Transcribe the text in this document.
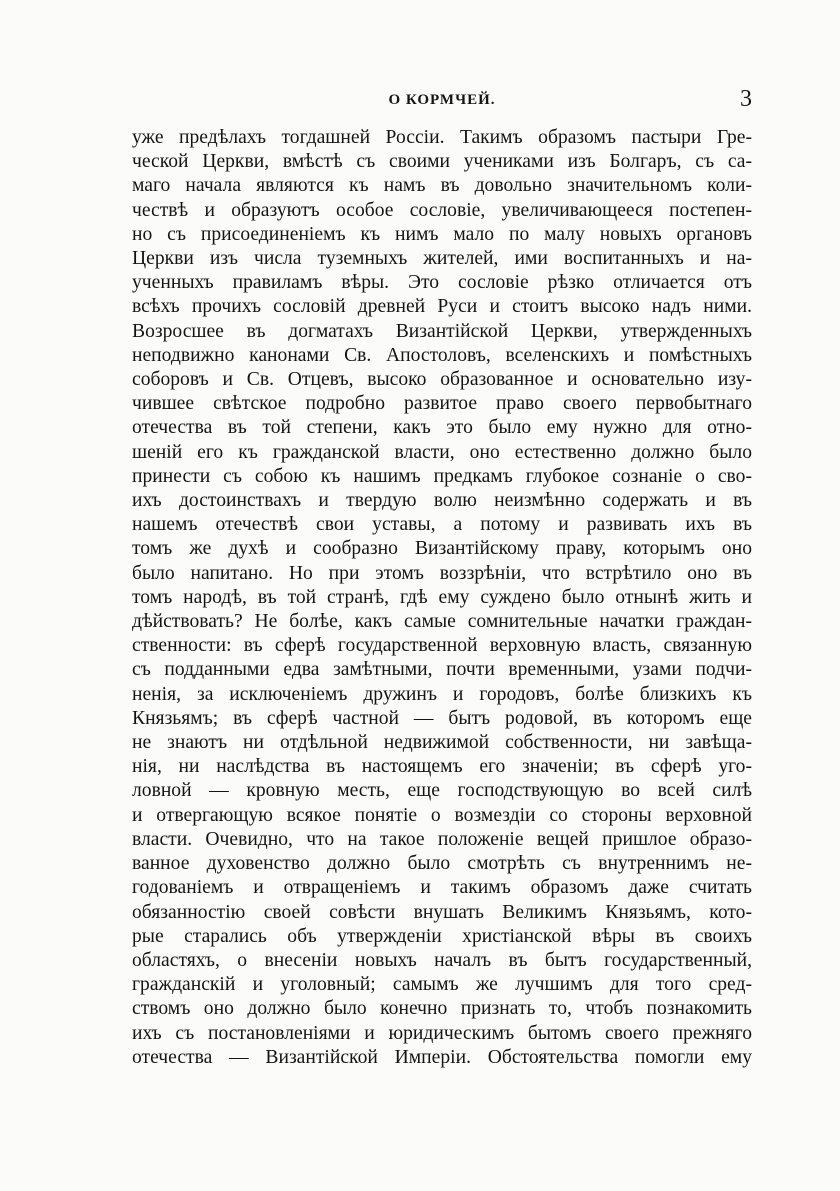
О КОРМЧЕЙ.	3
уже предѣлахъ тогдашней Россіи. Такимъ образомъ пастыри Гре-
ческой Церкви, вмѣстѣ съ своими учениками изъ Болгаръ, съ са-
маго начала являются къ намъ въ довольно значительномъ коли-
чествѣ и образуютъ особое сословіе, увеличивающееся постепен-
но съ присоединеніемъ къ нимъ мало по малу новыхъ органовъ
Церкви изъ числа туземныхъ жителей, ими воспитанныхъ и на-
ученныхъ правиламъ вѣры. Это сословіе рѣзко отличается отъ
всѣхъ прочихъ сословій древней Руси и стоитъ высоко надъ ними.
Возросшее въ догматахъ Византійской Церкви, утвержденныхъ
неподвижно канонами Св. Апостоловъ, вселенскихъ и помѣстныхъ
соборовъ и Св. Отцевъ, высоко образованное и основательно изу-
чившее свѣтское подробно развитое право своего первобытнаго
отечества въ той степени, какъ это было ему нужно для отно-
шеній его къ гражданской власти, оно естественно должно было
принести съ собою къ нашимъ предкамъ глубокое сознаніе о сво-
ихъ достоинствахъ и твердую волю неизмѣнно содержать и въ
нашемъ отечествѣ свои уставы, а потому и развивать ихъ въ
томъ же духѣ и сообразно Византійскому праву, которымъ оно
было напитано. Но при этомъ воззрѣніи, что встрѣтило оно въ
томъ народѣ, въ той странѣ, гдѣ ему суждено было отнынѣ жить и
дѣйствовать? Не болѣе, какъ самые сомнительные начатки граждан-
ственности: въ сферѣ государственной верховную власть, связанную
съ подданными едва замѣтными, почти временными, узами подчи-
ненія, за исключеніемъ дружинъ и городовъ, болѣе близкихъ къ
Князьямъ; въ сферѣ частной — бытъ родовой, въ которомъ еще
не знаютъ ни отдѣльной недвижимой собственности, ни завѣща-
нія, ни наслѣдства въ настоящемъ его значеніи; въ сферѣ уго-
ловной — кровную месть, еще господствующую во всей силѣ
и отвергающую всякое понятіе о возмездіи со стороны верховной
власти. Очевидно, что на такое положеніе вещей пришлое образо-
ванное духовенство должно было смотрѣть съ внутреннимъ не-
годованіемъ и отвращеніемъ и такимъ образомъ даже считать
обязанностію своей совѣсти внушать Великимъ Князьямъ, кото-
рые старались объ утвержденіи христіанской вѣры въ своихъ
областяхъ, о внесеніи новыхъ началъ въ бытъ государственный,
гражданскій и уголовный; самымъ же лучшимъ для того сред-
ствомъ оно должно было конечно признать то, чтобъ познакомить
ихъ съ постановленіями и юридическимъ бытомъ своего прежняго
отечества — Византійской Имперіи. Обстоятельства помогли ему
